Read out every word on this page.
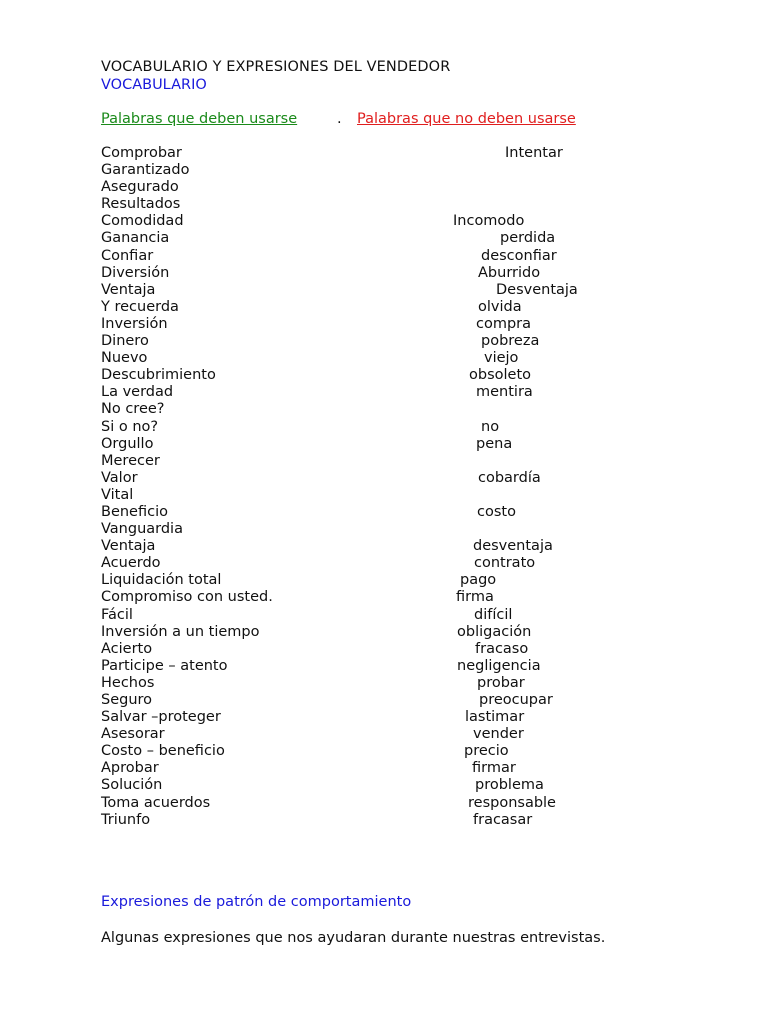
VOCABULARIO Y EXPRESIONES DEL VENDEDOR
VOCABULARIO
Palabras que deben usarse	. Palabras que no deben usarse
Comprobar	Intentar
Garantizado
Asegurado
Resultados
Comodidad	Incomodo
Ganancia	perdida
Confiar	desconfiar
Diversión	Aburrido
Ventaja	Desventaja
Y recuerda	olvida
Inversión	compra
Dinero	pobreza
Nuevo	viejo
Descubrimiento	obsoleto
La verdad	mentira
No cree?
Si o no?	no
Orgullo	pena
Merecer
Valor	cobardía
Vital
Beneficio	costo
Vanguardia
Ventaja	desventaja
Acuerdo	contrato
Liquidación total	pago
Compromiso con usted.	firma
Fácil	difícil
Inversión a un tiempo	obligación
Acierto	fracaso
Participe – atento	negligencia
Hechos	probar
Seguro	preocupar
Salvar –proteger	lastimar
Asesorar	vender
Costo – beneficio	precio
Aprobar	firmar
Solución	problema
Toma acuerdos	responsable
Triunfo	fracasar
Expresiones de patrón de comportamiento
Algunas expresiones que nos ayudaran durante nuestras entrevistas.
